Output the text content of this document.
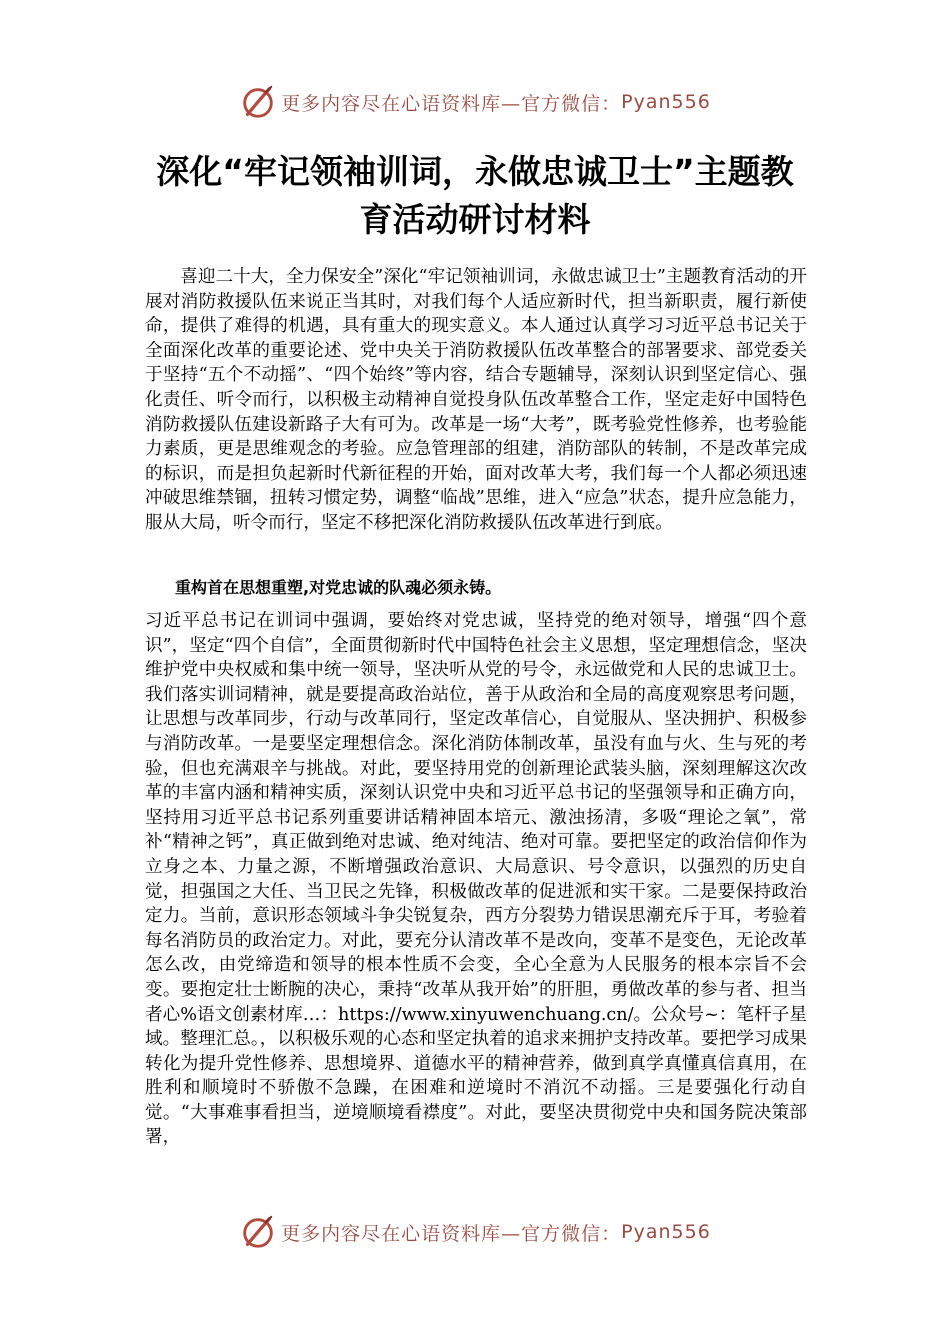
更多内容尽在心语资料库—官方微信： Pyan556
深化“牢记领袖训词，永做忠诚卫士”主题教育活动研讨材料

喜迎二十大，全力保安全”深化“牢记领袖训词，永做忠诚卫士”主题教育活动的开展对消防救援队伍来说正当其时，对我们每个人适应新时代，担当新职责，履行新使命，提供了难得的机遇，具有重大的现实意义。本人通过认真学习习近平总书记关于全面深化改革的重要论述、党中央关于消防救援队伍改革整合的部署要求、部党委关于坚持“五个不动摇”、“四个始终”等内容，结合专题辅导，深刻认识到坚定信心、强化责任、听令而行，以积极主动精神自觉投身队伍改革整合工作，坚定走好中国特色消防救援队伍建设新路子大有可为。改革是一场“大考”，既考验党性修养，也考验能力素质，更是思维观念的考验。应急管理部的组建，消防部队的转制，不是改革完成的标识，而是担负起新时代新征程的开始，面对改革大考，我们每一个人都必须迅速冲破思维禁锢，扭转习惯定势，调整“临战”思维，进入“应急”状态，提升应急能力，服从大局，听令而行，坚定不移把深化消防救援队伍改革进行到底。

重构首在思想重塑,对党忠诚的队魂必须永铸。

习近平总书记在训词中强调，要始终对党忠诚，坚持党的绝对领导，增强“四个意识”，坚定“四个自信”，全面贯彻新时代中国特色社会主义思想，坚定理想信念，坚决维护党中央权威和集中统一领导，坚决听从党的号令，永远做党和人民的忠诚卫士。我们落实训词精神，就是要提高政治站位，善于从政治和全局的高度观察思考问题，让思想与改革同步，行动与改革同行，坚定改革信心，自觉服从、坚决拥护、积极参与消防改革。一是要坚定理想信念。深化消防体制改革，虽没有血与火、生与死的考验，但也充满艰辛与挑战。对此，要坚持用党的创新理论武装头脑，深刻理解这次改革的丰富内涵和精神实质，深刻认识党中央和习近平总书记的坚强领导和正确方向，坚持用习近平总书记系列重要讲话精神固本培元、激浊扬清，多吸“理论之氧”，常补“精神之钙”，真正做到绝对忠诚、绝对纯洁、绝对可靠。要把坚定的政治信仰作为立身之本、力量之源，不断增强政治意识、大局意识、号令意识，以强烈的历史自觉，担强国之大任、当卫民之先锋，积极做改革的促进派和实干家。二是要保持政治定力。当前，意识形态领域斗争尖锐复杂，西方分裂势力错误思潮充斥于耳，考验着每名消防员的政治定力。对此，要充分认清改革不是改向，变革不是变色，无论改革怎么改，由党缔造和领导的根本性质不会变，全心全意为人民服务的根本宗旨不会变。要抱定壮士断腕的决心，秉持“改革从我开始”的肝胆，勇做改革的参与者、担当者心%语文创素材库…：https://www.xinyuwenchuang.cn/。公众号~：笔杆子星域。整理汇总。，以积极乐观的心态和坚定执着的追求来拥护支持改革。要把学习成果转化为提升党性修养、思想境界、道德水平的精神营养，做到真学真懂真信真用，在胜利和顺境时不骄傲不急躁，在困难和逆境时不消沉不动摇。三是要强化行动自觉。“大事难事看担当，逆境顺境看襟度”。对此，要坚决贯彻党中央和国务院决策部署，

更多内容尽在心语资料库—官方微信： Pyan556
